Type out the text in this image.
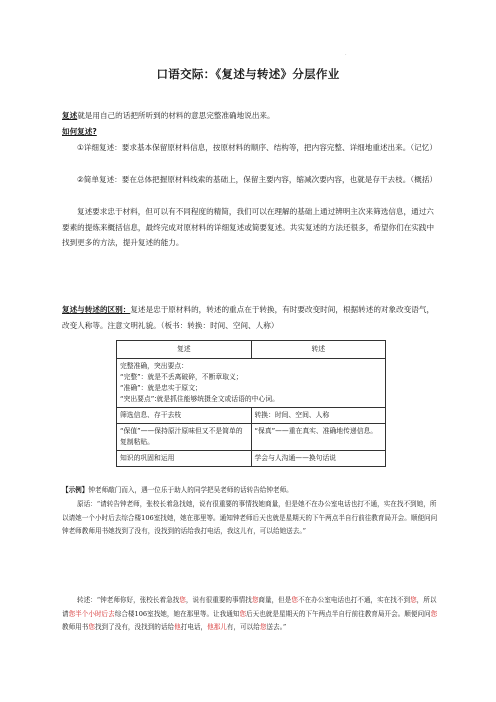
·
口语交际：《复述与转述》分层作业
复述就是用自己的话把所听到的材料的意思完整准确地说出来。
如何复述?
①详细复述：要求基本保留原材料信息，按原材料的顺序、结构等，把内容完整、详细地重述出来。（记忆）
②简单复述：要在总体把握原材料线索的基础上，保留主要内容，缩减次要内容，也就是存干去枝。（概括）
复述要求忠于材料，但可以有不同程度的精简，我们可以在理解的基础上通过辨明主次来筛选信息，通过六要素的提炼来概括信息，最终完成对原材料的详细复述或简要复述。共实复述的方法还很多，希望你们在实践中找到更多的方法，提升复述的能力。
复述与转述的区别：复述是忠于原材料的，转述的重点在于转换，有时要改变时间，根据转述的对象改变语气，改变人称等。注意文明礼貌。（板书：转换：时间、空间、人称）
复述	转述

完整准确，突出要点：
“完整”：就是不丢离破碎，不断章取义；
“准确”：就是忠实于原文；
“突出要点”:就是抓住能够统摄全文或话语的中心词。	

筛选信息、存干去枝	转换：时间、空间、人称
“保值”——保持原汁原味但又不是简单的复制粘贴。	“保真”——重在真实、准确地传递信息。
知识的巩固和运用	学会与人沟通——换句话说
【示例】钟老师敲门而入，遇一位乐于助人的同学把吴老师的话转告给钟老师。
原话：“请转告钟老师，张校长着急找她，说有很重要的事情找她商量，但是她不在办公室电话也打不通，实在找不到她，所以请她一个小时后去综合楼106室找她，她在那里等。通知钟老师后天也就是星期天的下午两点半自行前往教育局开会。顺便问问钟老师教师用书她找到了没有，没找到的话给我打电话，我这儿有，可以给她送去。”
转述：“钟老师你好，张校长着急找您，说有很重要的事情找您商量，但是您不在办公室电话也打不通，实在找不到您，所以请您半个小时后去综合楼106室找她，她在那里等。让我通知您后天也就是星期天的下午两点半自行前往教育局开会。顺便问问您教师用书您找到了没有，没找到的话给他打电话，他那儿有，可以给您送去。”
